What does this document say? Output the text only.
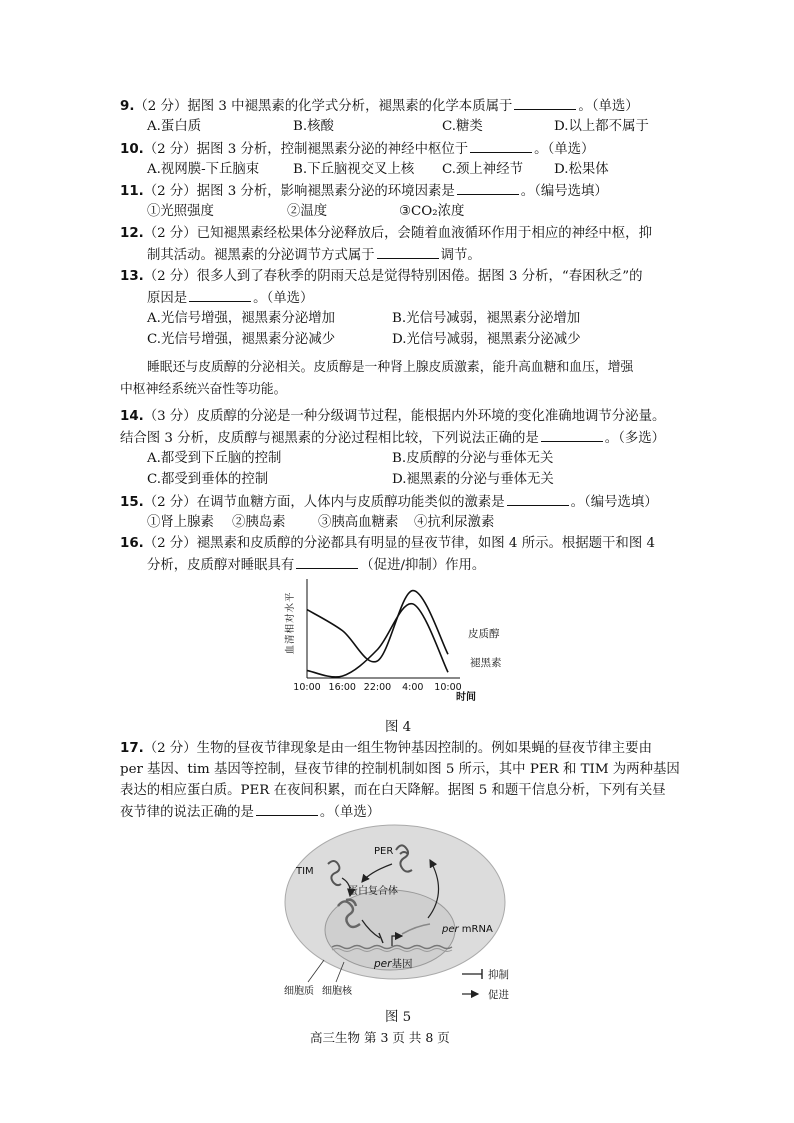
9.（2 分）据图 3 中褪黑素的化学式分析，褪黑素的化学本质属于	。（单选）
A.蛋白质	B.核酸	C.糖类	D.以上都不属于
10.（2 分）据图 3 分析，控制褪黑素分泌的神经中枢位于	。（单选）
A.视网膜-下丘脑束	B.下丘脑视交叉上核 C.颈上神经节 D.松果体
11.（2 分）据图 3 分析，影响褪黑素分泌的环境因素是	。（编号选填）
①光照强度	②温度	③CO₂浓度
12.（2 分）已知褪黑素经松果体分泌释放后，会随着血液循环作用于相应的神经中枢，抑
制其活动。褪黑素的分泌调节方式属于	调节。
13.（2 分）很多人到了春秋季的阴雨天总是觉得特别困倦。据图 3 分析，“春困秋乏”的
原因是	。（单选）
A.光信号增强，褪黑素分泌增加	B.光信号减弱，褪黑素分泌增加
C.光信号增强，褪黑素分泌减少	D.光信号减弱，褪黑素分泌减少
睡眠还与皮质醇的分泌相关。皮质醇是一种肾上腺皮质激素，能升高血糖和血压，增强
中枢神经系统兴奋性等功能。
14.（3 分）皮质醇的分泌是一种分级调节过程，能根据内外环境的变化准确地调节分泌量。
结合图 3 分析，皮质醇与褪黑素的分泌过程相比较，下列说法正确的是	。（多选）
A.都受到下丘脑的控制	B.皮质醇的分泌与垂体无关
C.都受到垂体的控制	D.褪黑素的分泌与垂体无关
15.（2 分）在调节血糖方面，人体内与皮质醇功能类似的激素是	。（编号选填）
①肾上腺素 ②胰岛素 ③胰高血糖素 ④抗利尿激素
16.（2 分）褪黑素和皮质醇的分泌都具有明显的昼夜节律，如图 4 所示。根据题干和图 4
分析，皮质醇对睡眠具有	（促进/抑制）作用。
血清相对水平
10:00 16:00 22:00 4:00 10:00
时间
皮质醇
褪黑素
图 4
17.（2 分）生物的昼夜节律现象是由一组生物钟基因控制的。例如果蝇的昼夜节律主要由
per 基因、tim 基因等控制，昼夜节律的控制机制如图 5 所示，其中 PER 和 TIM 为两种基因
表达的相应蛋白质。PER 在夜间积累，而在白天降解。据图 5 和题干信息分析，下列有关昼
夜节律的说法正确的是	。（单选）
PER
TIM
蛋白复合体
per mRNA
per基因
细胞质 细胞核
抑制
促进
图 5
高三生物 第 3 页 共 8 页
